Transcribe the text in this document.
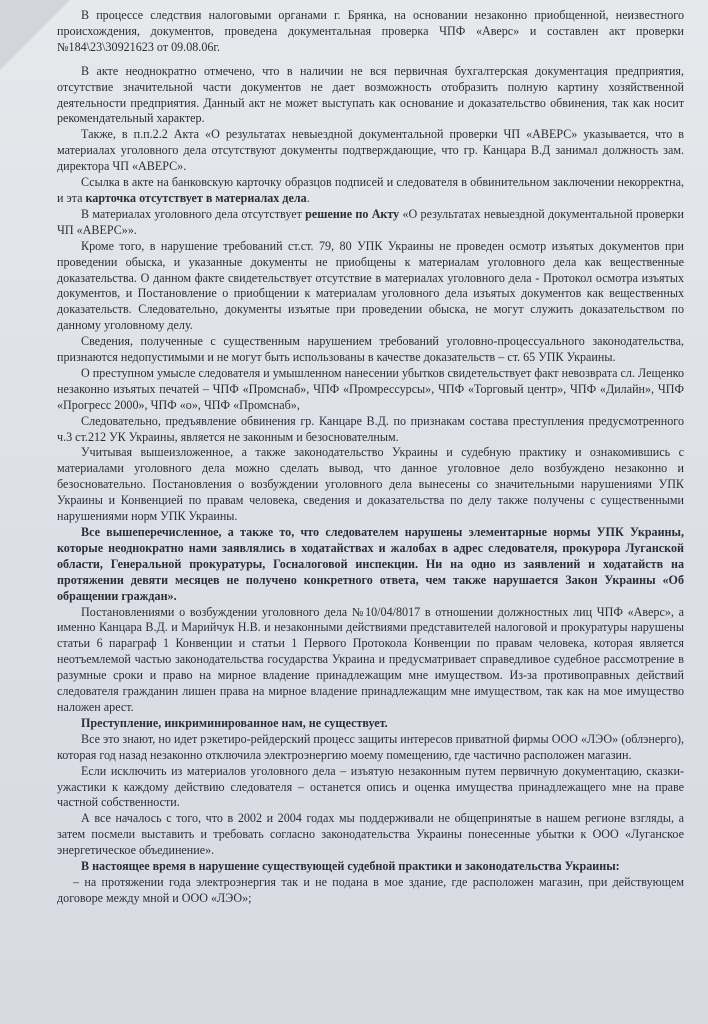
В процессе следствия налоговыми органами г. Брянка, на основании незаконно приобщенной, неизвестного происхождения, документов, проведена документальная проверка ЧПФ «Аверс» и составлен акт проверки №184\23\30921623 от 09.08.06г.

В акте неоднократно отмечено, что в наличии не вся первичная бухгалтерская документация предприятия, отсутствие значительной части документов не дает возможность отобразить полную картину хозяйственной деятельности предприятия. Данный акт не может выступать как основание и доказательство обвинения, так как носит рекомендательный характер.

Также, в п.п.2.2 Акта «О результатах невыездной документальной проверки ЧП «АВЕРС» указывается, что в материалах уголовного дела отсутствуют документы подтверждающие, что гр. Канцара В.Д занимал должность зам. директора ЧП «АВЕРС».

Ссылка в акте на банковскую карточку образцов подписей и следователя в обвинительном заключении некорректна, и эта карточка отсутствует в материалах дела.

В материалах уголовного дела отсутствует решение по Акту «О результатах невыездной документальной проверки ЧП «АВЕРС»».

Кроме того, в нарушение требований ст.ст. 79, 80 УПК Украины не проведен осмотр изъятых документов при проведении обыска, и указанные документы не приобщены к материалам уголовного дела как вещественные доказательства. О данном факте свидетельствует отсутствие в материалах уголовного дела - Протокол осмотра изъятых документов, и Постановление о приобщении к материалам уголовного дела изъятых документов как вещественных доказательств. Следовательно, документы изъятые при проведении обыска, не могут служить доказательством по данному уголовному делу.

Сведения, полученные с существенным нарушением требований уголовно-процессуального законодательства, признаются недопустимыми и не могут быть использованы в качестве доказательств – ст. 65 УПК Украины.

О преступном умысле следователя и умышленном нанесении убытков свидетельствует факт невозврата сл. Лещенко незаконно изъятых печатей – ЧПФ «Промснаб», ЧПФ «Промрессурсы», ЧПФ «Торговый центр», ЧПФ «Дилайн», ЧПФ «Прогресс 2000», ЧПФ «о», ЧПФ «Промснаб»,

Следовательно, предъявление обвинения гр. Канцаре В.Д. по признакам состава преступления предусмотренного ч.3 ст.212 УК Украины, является не законным и безоснователным.

Учитывая вышеизложенное, а также законодательство Украины и судебную практику и ознакомившись с материалами уголовного дела можно сделать вывод, что данное уголовное дело возбуждено незаконно и безосновательно. Постановления о возбуждении уголовного дела вынесены со значительными нарушениями УПК Украины и Конвенцией по правам человека, сведения и доказательства по делу также получены с существенными нарушениями норм УПК Украины.

Все вышеперечисленное, а также то, что следователем нарушены элементарные нормы УПК Украины, которые неоднократно нами заявлялись в ходатайствах и жалобах в адрес следователя, прокурора Луганской области, Генеральной прокуратуры, Госналоговой инспекции. Ни на одно из заявлений и ходатайств на протяжении девяти месяцев не получено конкретного ответа, чем также нарушается Закон Украины «Об обращении граждан».

Постановлениями о возбуждении уголовного дела №10/04/8017 в отношении должностных лиц ЧПФ «Аверс», а именно Канцара В.Д. и Марийчук Н.В. и незаконными действиями представителей налоговой и прокуратуры нарушены статьи 6 параграф 1 Конвенции и статьи 1 Первого Протокола Конвенции по правам человека, которая является неотъемлемой частью законодательства государства Украина и предусматривает справедливое судебное рассмотрение в разумные сроки и право на мирное владение принадлежащим мне имуществом. Из-за противоправных действий следователя гражданин лишен права на мирное владение принадлежащим мне имуществом, так как на мое имущество наложен арест.

Преступление, инкриминированное нам, не существует.

Все это знают, но идет рэкетиро-рейдерский процесс защиты интересов приватной фирмы ООО «ЛЭО» (облэнерго), которая год назад незаконно отключила электроэнергию моему помещению, где частично расположен магазин.

Если исключить из материалов уголовного дела – изъятую незаконным путем первичную документацию, сказки-ужастики к каждому действию следователя – останется опись и оценка имущества принадлежащего мне на праве частной собственности.

А все началось с того, что в 2002 и 2004 годах мы поддерживали не общепринятые в нашем регионе взгляды, а затем посмели выставить и требовать согласно законодательства Украины понесенные убытки к ООО «Луганское энергетическое объединение».

В настоящее время в нарушение существующей судебной практики и законодательства Украины:

– на протяжении года электроэнергия так и не подана в мое здание, где расположен магазин, при действующем договоре между мной и ООО «ЛЭО»;
